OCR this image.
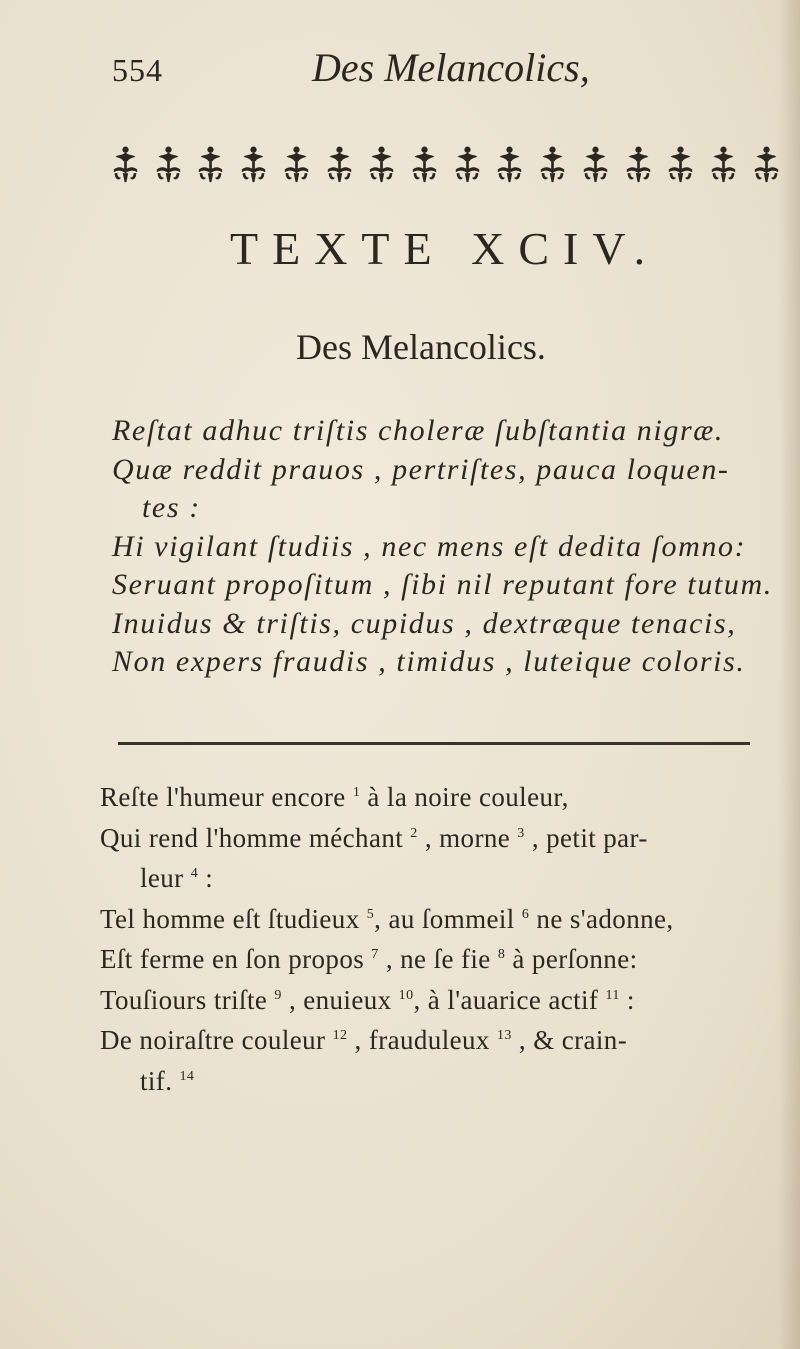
554	Des Melancolics,
TEXTE XCIV.
Des Melancolics.
Reſtat adhuc triſtis choleræ ſubſtantia nigræ.
Quæ reddit prauos , pertriſtes, pauca loquen-
tes :
Hi vigilant ſtudiis , nec mens eſt dedita ſomno:
Seruant propoſitum , ſibi nil reputant fore tutum.
Inuidus & triſtis, cupidus , dextræque tenacis,
Non expers fraudis , timidus , luteique coloris.
Reſte l'humeur encore $^1$ à la noire couleur,
Qui rend l'homme méchant $^2$ , morne $^3$ , petit par-
leur $^4$ :
Tel homme eſt ſtudieux $^5$, au ſommeil $^6$ ne s'adonne,
Eſt ferme en ſon propos $^7$ , ne ſe fie $^8$ à perſonne:
Touſiours triſte $^9$ , enuieux $^{10}$, à l'auarice actif $^{11}$ :
De noiraſtre couleur $^{12}$ , frauduleux $^{13}$ , & crain-
tif. $^{14}$
